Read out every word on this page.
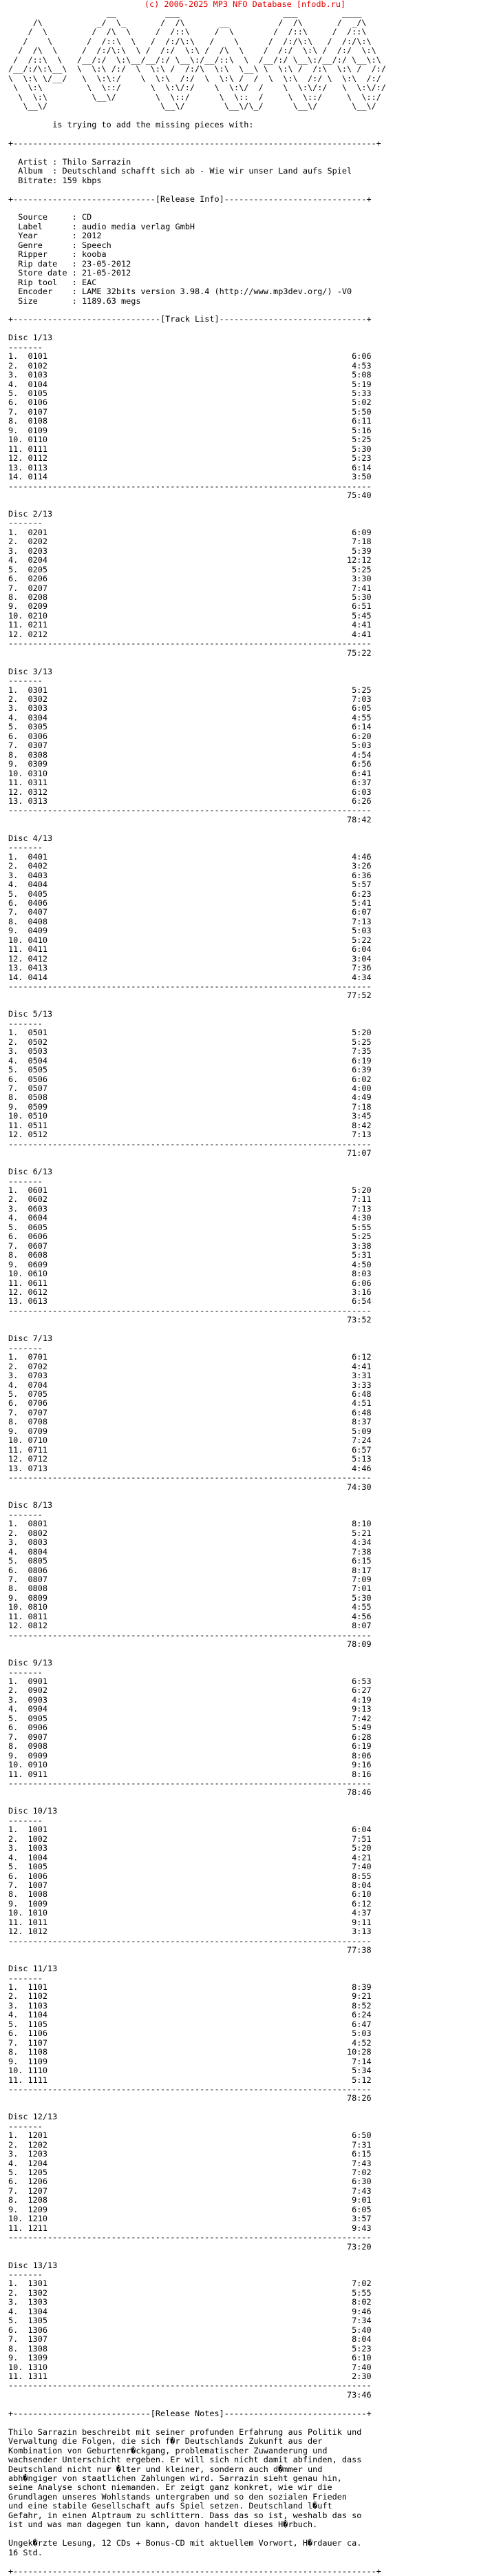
(c) 2006-2025 MP3 NFO Database [nfodb.ru]

__          ___                     ___         ____
/\           _/  \_       /  /\       __          /  /\       /  _/\
/  \         /  /\  \     /  /::\     /  \        /  /::\     /  /::\
/    \       /  /::\  \   /  /:/\:\   /    \      /  /:/\:\   /  /:/\:\
/  /\  \     /  /:/\:\  \ /  /:/  \:\ /  /\  \    /  /:/  \:\ /  /:/  \:\
/  /::\  \   /__/:/  \:\__/__/:/ \__\:/__/::\  \  /__/:/ \__\:/__/:/ \__\:\
/__/:/\:\__\  \  \:\ /:/  \  \:\ /  /:/\  \:\  \__\ \  \:\ /  /:\  \:\ /  /:/
\  \:\ \/__/   \  \:\:/    \  \:\  /:/  \  \:\ /  /  \  \:\  /:/ \  \:\  /:/
\  \:\         \  \::/      \  \:\/:/    \  \:\/  /    \  \:\/:/   \  \:\/:/
\  \:\         \__\/        \  \::/      \  \::  /     \  \::/     \  \::/
\__\/                       \__\/        \__\/\_/      \__\/       \__\/

is trying to add the missing pieces with:

+--------------------------------------------------------------------------+

Artist : Thilo Sarrazin
Album  : Deutschland schafft sich ab - Wie wir unser Land aufs Spiel
Bitrate: 159 kbps

+-----------------------------[Release Info]-----------------------------+

Source     : CD
Label      : audio media verlag GmbH
Year       : 2012
Genre      : Speech
Ripper     : kooba
Rip date   : 23-05-2012
Store date : 21-05-2012
Rip tool   : EAC
Encoder    : LAME 32bits version 3.98.4 (http://www.mp3dev.org/) -V0
Size       : 1189.63 megs

+------------------------------[Track List]------------------------------+

Disc 1/13
-------
1.  0101	6:06
2.  0102	4:53
3.  0103	5:08
4.  0104	5:19
5.  0105	5:33
6.  0106	5:02
7.  0107	5:50
8.  0108	6:11
9.  0109	5:16
10. 0110	5:25
11. 0111	5:30
12. 0112	5:23
13. 0113	6:14
14. 0114	3:50
--------------------------------------------------------------------------
75:40

Disc 2/13
-------
1.  0201	6:09
2.  0202	7:18
3.  0203	5:39
4.  0204	12:12
5.  0205	5:25
6.  0206	3:30
7.  0207	7:41
8.  0208	5:30
9.  0209	6:51
10. 0210	5:45
11. 0211	4:41
12. 0212	4:41
--------------------------------------------------------------------------
75:22

Disc 3/13
-------
1.  0301	5:25
2.  0302	7:03
3.  0303	6:05
4.  0304	4:55
5.  0305	6:14
6.  0306	6:20
7.  0307	5:03
8.  0308	4:54
9.  0309	6:56
10. 0310	6:41
11. 0311	6:37
12. 0312	6:03
13. 0313	6:26
--------------------------------------------------------------------------
78:42

Disc 4/13
-------
1.  0401	4:46
2.  0402	3:26
3.  0403	6:36
4.  0404	5:57
5.  0405	6:23
6.  0406	5:41
7.  0407	6:07
8.  0408	7:13
9.  0409	5:03
10. 0410	5:22
11. 0411	6:04
12. 0412	3:04
13. 0413	7:36
14. 0414	4:34
--------------------------------------------------------------------------
77:52

Disc 5/13
-------
1.  0501	5:20
2.  0502	5:25
3.  0503	7:35
4.  0504	6:19
5.  0505	6:39
6.  0506	6:02
7.  0507	4:00
8.  0508	4:49
9.  0509	7:18
10. 0510	3:45
11. 0511	8:42
12. 0512	7:13
--------------------------------------------------------------------------
71:07

Disc 6/13
-------
1.  0601	5:20
2.  0602	7:11
3.  0603	7:13
4.  0604	4:30
5.  0605	5:55
6.  0606	5:25
7.  0607	3:38
8.  0608	5:31
9.  0609	4:50
10. 0610	8:03
11. 0611	6:06
12. 0612	3:16
13. 0613	6:54
--------------------------------------------------------------------------
73:52

Disc 7/13
-------
1.  0701	6:12
2.  0702	4:41
3.  0703	3:31
4.  0704	3:33
5.  0705	6:48
6.  0706	4:51
7.  0707	6:48
8.  0708	8:37
9.  0709	5:09
10. 0710	7:24
11. 0711	6:57
12. 0712	5:13
13. 0713	4:46
--------------------------------------------------------------------------
74:30

Disc 8/13
-------
1.  0801	8:10
2.  0802	5:21
3.  0803	4:34
4.  0804	7:38
5.  0805	6:15
6.  0806	8:17
7.  0807	7:09
8.  0808	7:01
9.  0809	5:30
10. 0810	4:55
11. 0811	4:56
12. 0812	8:07
--------------------------------------------------------------------------
78:09

Disc 9/13
-------
1.  0901	6:53
2.  0902	6:27
3.  0903	4:19
4.  0904	9:13
5.  0905	7:42
6.  0906	5:49
7.  0907	6:28
8.  0908	6:19
9.  0909	8:06
10. 0910	9:16
11. 0911	8:16
--------------------------------------------------------------------------
78:46

Disc 10/13
-------
1.  1001	6:04
2.  1002	7:51
3.  1003	5:20
4.  1004	4:21
5.  1005	7:40
6.  1006	8:55
7.  1007	8:04
8.  1008	6:10
9.  1009	6:12
10. 1010	4:37
11. 1011	9:11
12. 1012	3:13
--------------------------------------------------------------------------
77:38

Disc 11/13
-------
1.  1101	8:39
2.  1102	9:21
3.  1103	8:52
4.  1104	6:24
5.  1105	6:47
6.  1106	5:03
7.  1107	4:52
8.  1108	10:28
9.  1109	7:14
10. 1110	5:34
11. 1111	5:12
--------------------------------------------------------------------------
78:26

Disc 12/13
-------
1.  1201	6:50
2.  1202	7:31
3.  1203	6:15
4.  1204	7:43
5.  1205	7:02
6.  1206	6:30
7.  1207	7:43
8.  1208	9:01
9.  1209	6:05
10. 1210	3:57
11. 1211	9:43
--------------------------------------------------------------------------
73:20

Disc 13/13
-------
1.  1301	7:02
2.  1302	5:55
3.  1303	8:02
4.  1304	9:46
5.  1305	7:34
6.  1306	5:40
7.  1307	8:04
8.  1308	5:23
9.  1309	6:10
10. 1310	7:40
11. 1311	2:30
--------------------------------------------------------------------------
73:46

+----------------------------[Release Notes]-----------------------------+

Thilo Sarrazin beschreibt mit seiner profunden Erfahrung aus Politik und
Verwaltung die Folgen, die sich f�r Deutschlands Zukunft aus der
Kombination von Geburtenr�ckgang, problematischer Zuwanderung und
wachsender Unterschicht ergeben. Er will sich nicht damit abfinden, dass
Deutschland nicht nur �lter und kleiner, sondern auch d�mmer und
abh�ngiger von staatlichen Zahlungen wird. Sarrazin sieht genau hin,
seine Analyse schont niemanden. Er zeigt ganz konkret, wie wir die
Grundlagen unseres Wohlstands untergraben und so den sozialen Frieden
und eine stabile Gesellschaft aufs Spiel setzen. Deutschland l�uft
Gefahr, in einen Alptraum zu schlittern. Dass das so ist, weshalb das so
ist und was man dagegen tun kann, davon handelt dieses H�rbuch.

Ungek�rzte Lesung, 12 CDs + Bonus-CD mit aktuellem Vorwort, H�rdauer ca.
16 Std.

+--------------------------------------------------------------------------+
